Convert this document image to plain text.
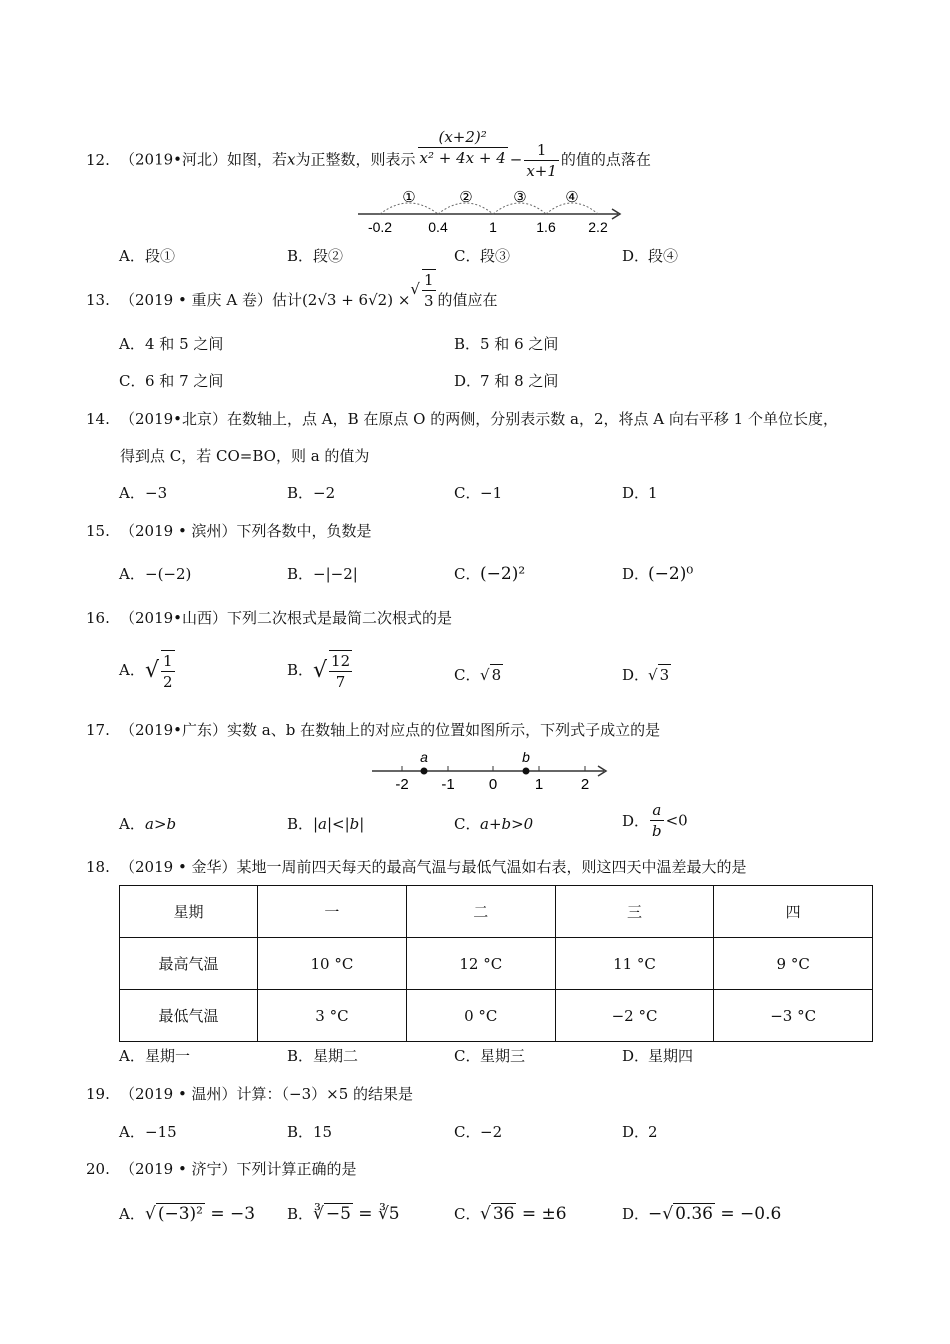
12. （2019•河北）如图，若x为正整数，则表示 $\frac{\text{(x+2)²}}{\text{x² + 4x + 4}} - \frac{1}{x+1}$ 的值的点落在
①	②	③	④
-0.2	0.4	1	1.6 2.2
A．段①	B．段②	C．段③	D．段④
13. （2019 • 重庆 A 卷）估计(2√3 + 6√2) ×√ $\frac{1}{3}$ 的值应在
A．4 和 5 之间	B．5 和 6 之间
C．6 和 7 之间	D．7 和 8 之间
14. （2019•北京）在数轴上，点 A，B 在原点 O 的两侧，分别表示数 a，2，将点 A 向右平移 1 个单位长度，
得到点 C，若 CO=BO，则 a 的值为
A．−3	B．−2	C．−1	D．1
15. （2019 • 滨州）下列各数中，负数是
A．−(−2)	B．−|−2|	C．(−2)²	D．(−2)⁰
16. （2019•山西）下列二次根式是最简二次根式的是
A．√ $\frac{1}{2}$	B．√ $\frac{12}{7}$	C．√ 8	D．√ 3
17. （2019•广东）实数 a、b 在数轴上的对应点的位置如图所示，下列式子成立的是
a	b
-2 -1 0	1	2
A．a>b	B．|a|<|b|	C．a+b>0	D． $\frac{a}{b} <0$
18. （2019 • 金华）某地一周前四天每天的最高气温与最低气温如右表，则这四天中温差最大的是
星期	一	二	三	四
最高气温	10 °C	12 °C	11 °C	9 °C
最低气温	3 °C	0 °C	−2 °C	−3 °C
A．星期一	B．星期二	C．星期三	D．星期四
19. （2019 • 温州）计算：（−3）×5 的结果是
A．−15	B．15	C．−2	D．2
20. （2019 • 济宁）下列计算正确的是
A．√ (−3)² = −3 B．∛ −5 = ∛5	C．√ 36 = ±6	D．−√ 0.36 = −0.6
